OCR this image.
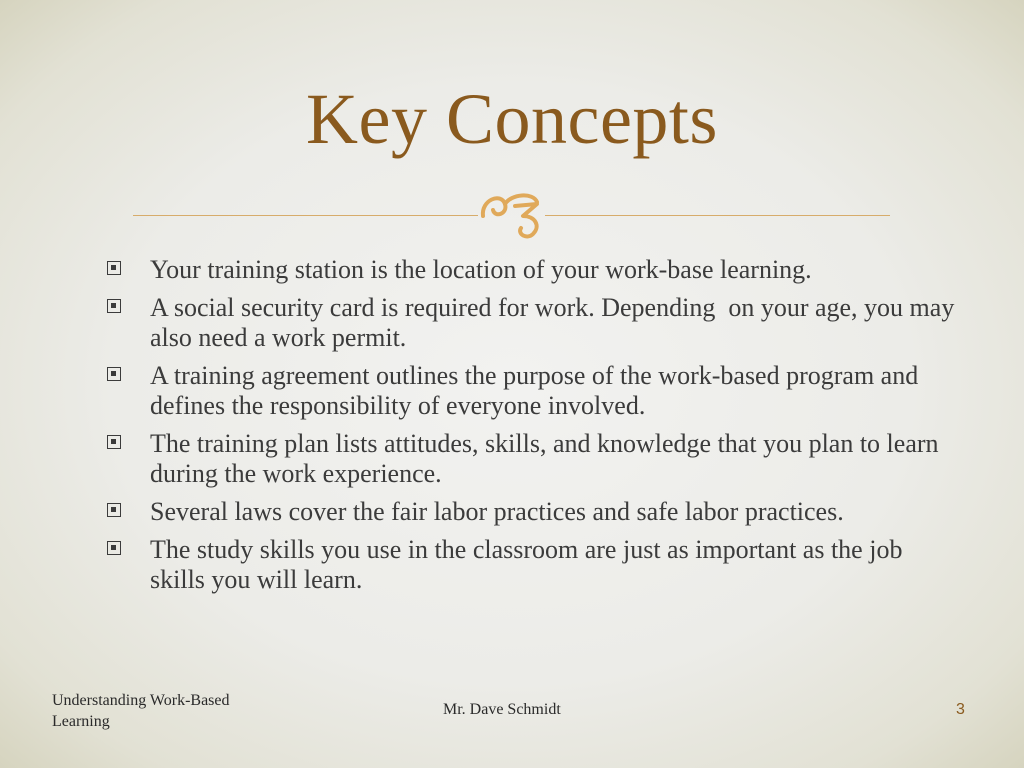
Key Concepts
Your training station is the location of your work-base learning.
A social security card is required for work. Depending  on your age, you may also need a work permit.
A training agreement outlines the purpose of the work-based program and defines the responsibility of everyone involved.
The training plan lists attitudes, skills, and knowledge that you plan to learn during the work experience.
Several laws cover the fair labor practices and safe labor practices.
The study skills you use in the classroom are just as important as the job skills you will learn.
Understanding Work-Based Learning
Mr. Dave Schmidt	3
